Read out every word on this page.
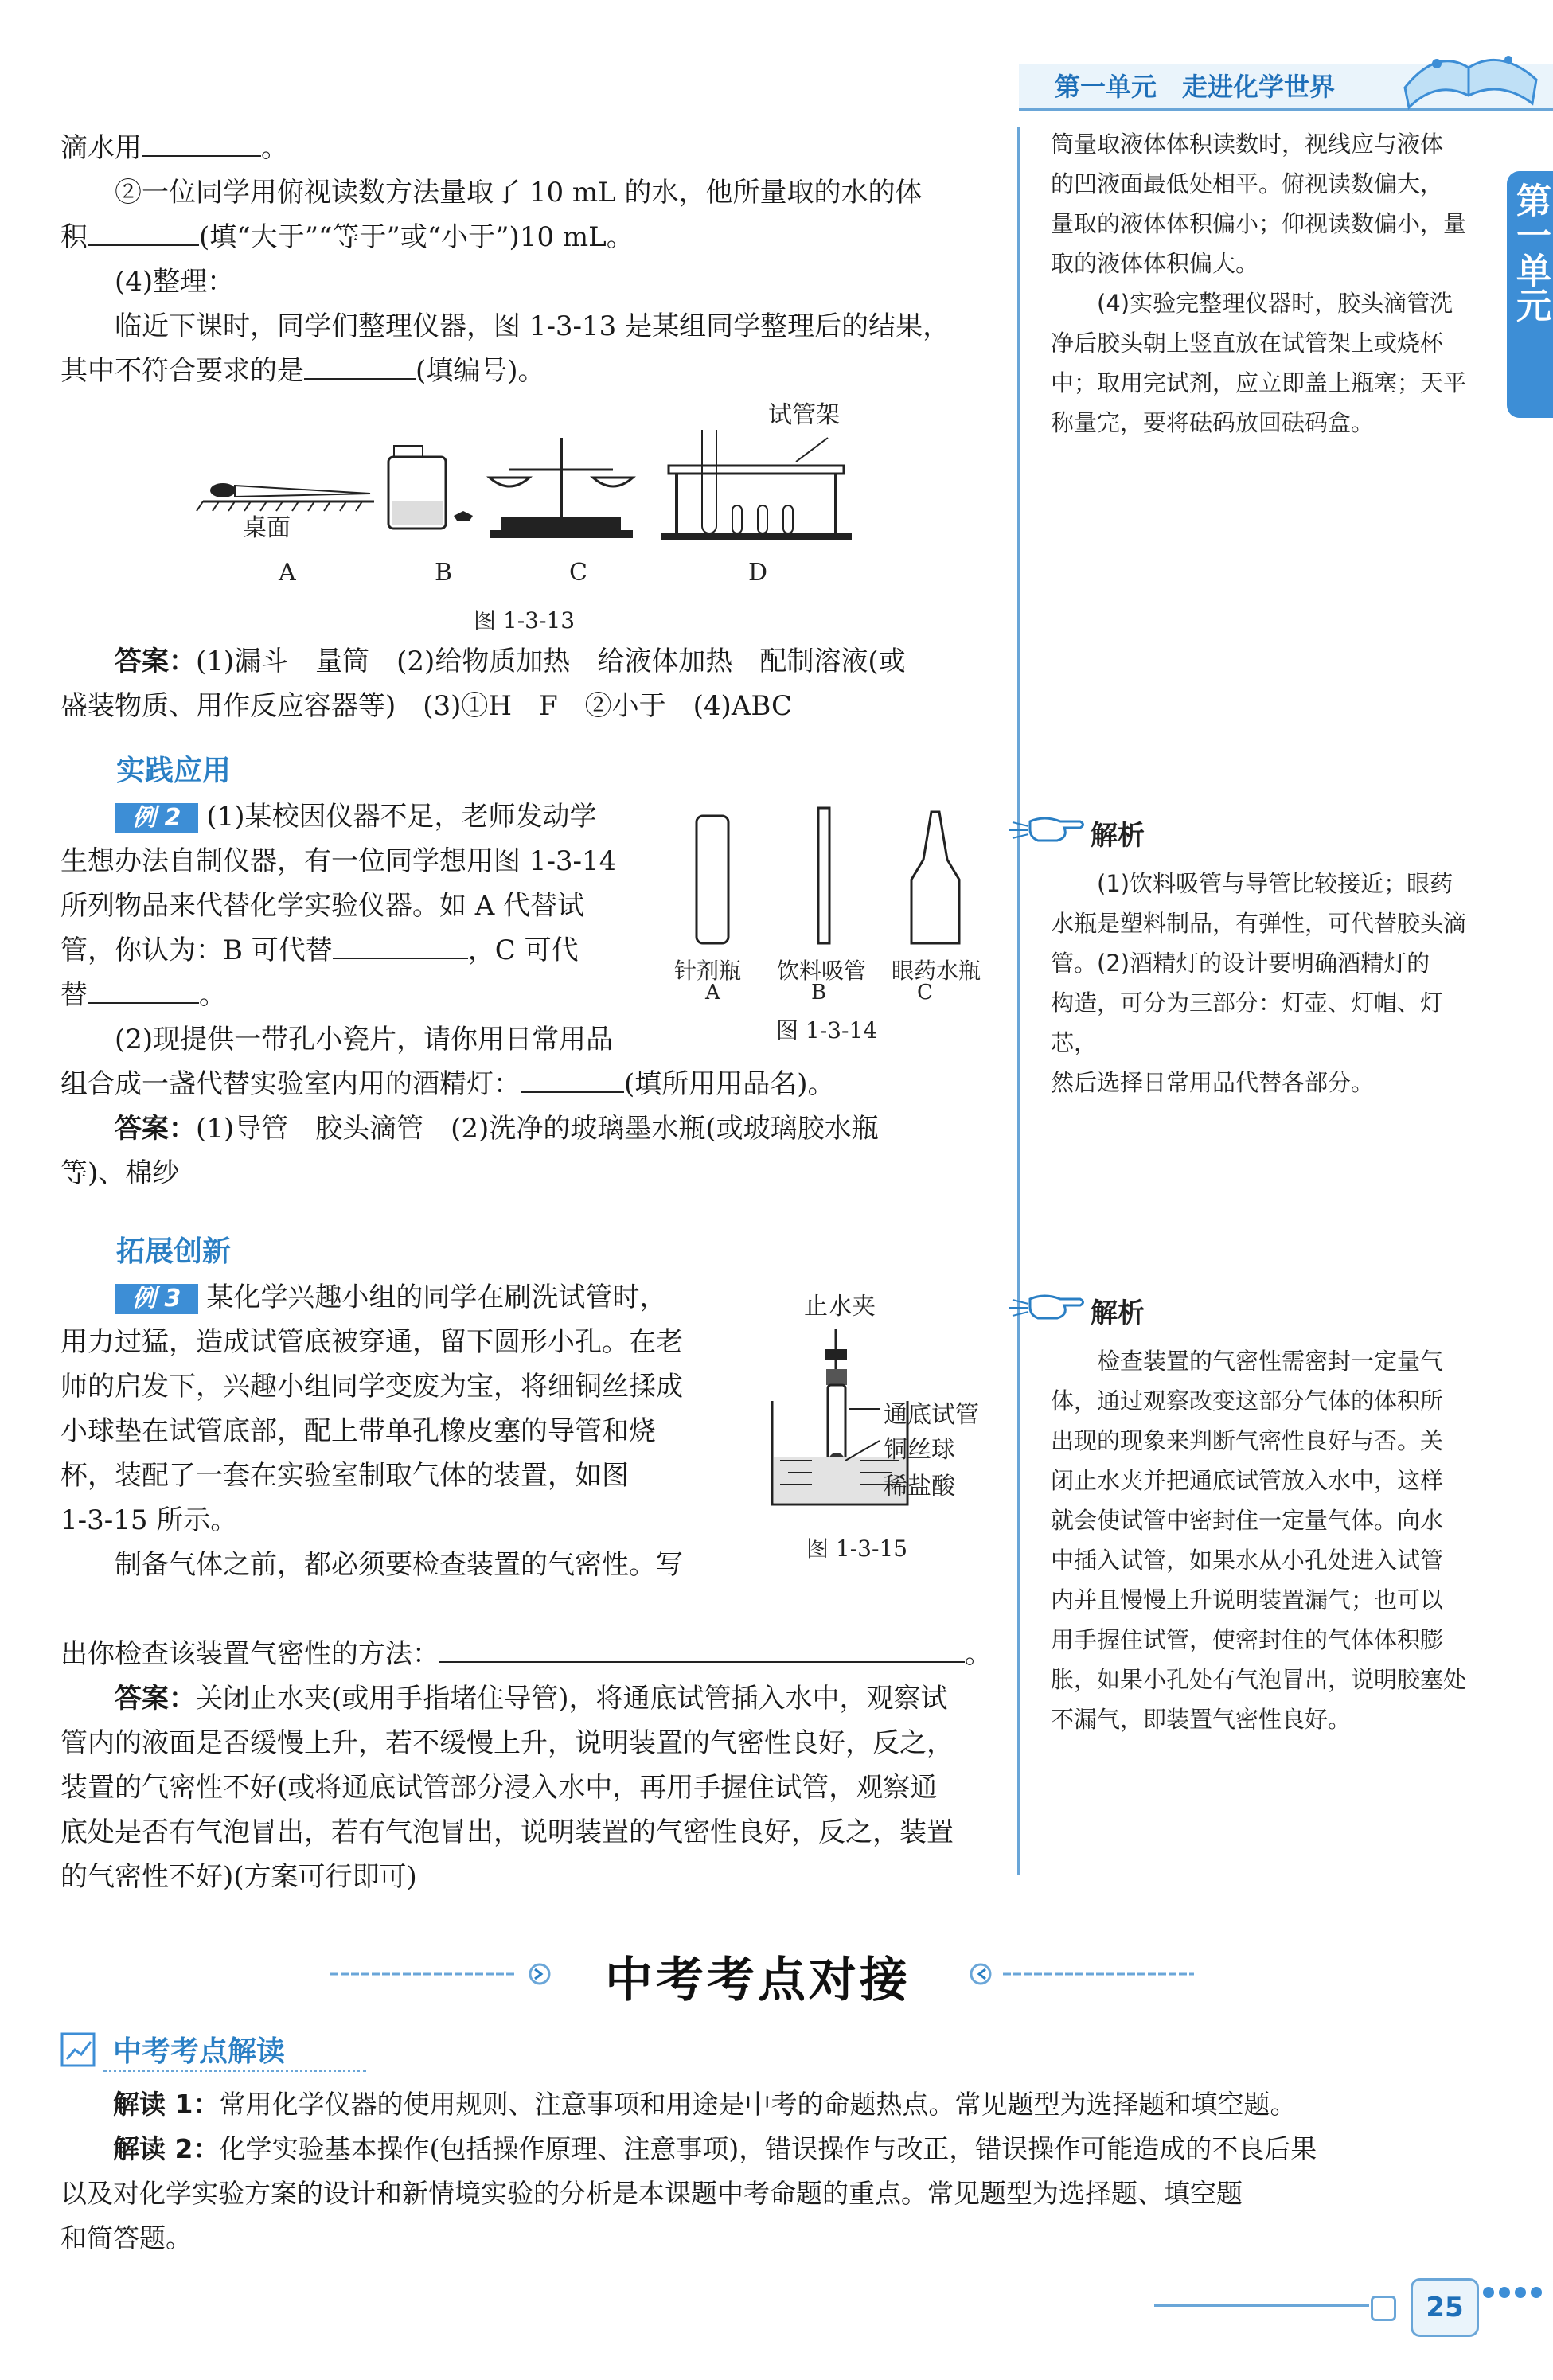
第一单元　走进化学世界
第一单元

滴水用	。

②一位同学用俯视读数方法量取了 10 mL 的水，他所量取的水的体

积	(填“大于”“等于”或“小于”)10 mL。

(4)整理：

临近下课时，同学们整理仪器，图 1-3-13 是某组同学整理后的结果，

其中不符合要求的是	(填编号)。

桌面
试管架
A	B	C	D
图 1-3-13

答案：(1)漏斗　量筒　(2)给物质加热　给液体加热　配制溶液(或

盛装物质、用作反应容器等)　(3)①H　F　②小于　(4)ABC

实践应用

例 2 (1)某校因仪器不足，老师发动学

生想办法自制仪器，有一位同学想用图 1-3-14

所列物品来代替化学实验仪器。如 A 代替试

管，你认为：B 可代替	，C 可代

替	。

(2)现提供一带孔小瓷片，请你用日常用品

组合成一盏代替实验室内用的酒精灯：	(填所用用品名)。

答案：(1)导管　胶头滴管　(2)洗净的玻璃墨水瓶(或玻璃胶水瓶

等)、棉纱

针剂瓶
A
饮料吸管
B
眼药水瓶
C
图 1-3-14
拓展创新

例 3 某化学兴趣小组的同学在刷洗试管时，

用力过猛，造成试管底被穿通，留下圆形小孔。在老

师的启发下，兴趣小组同学变废为宝，将细铜丝揉成

小球垫在试管底部，配上带单孔橡皮塞的导管和烧

杯，装配了一套在实验室制取气体的装置，如图

1-3-15 所示。

制备气体之前，都必须要检查装置的气密性。写

出你检查该装置气密性的方法：	。

答案：关闭止水夹(或用手指堵住导管)，将通底试管插入水中，观察试

管内的液面是否缓慢上升，若不缓慢上升，说明装置的气密性良好，反之，

装置的气密性不好(或将通底试管部分浸入水中，再用手握住试管，观察通

底处是否有气泡冒出，若有气泡冒出，说明装置的气密性良好，反之，装置

的气密性不好)(方案可行即可)

止水夹
通底试管
铜丝球
稀盐酸
图 1-3-15

筒量取液体体积读数时，视线应与液体

的凹液面最低处相平。俯视读数偏大，

量取的液体体积偏小；仰视读数偏小，量

取的液体体积偏大。

(4)实验完整理仪器时，胶头滴管洗

净后胶头朝上竖直放在试管架上或烧杯

中；取用完试剂，应立即盖上瓶塞；天平

称量完，要将砝码放回砝码盒。

解析

(1)饮料吸管与导管比较接近；眼药

水瓶是塑料制品，有弹性，可代替胶头滴

管。(2)酒精灯的设计要明确酒精灯的

构造，可分为三部分：灯壶、灯帽、灯芯，

然后选择日常用品代替各部分。

解析

检查装置的气密性需密封一定量气

体，通过观察改变这部分气体的体积所

出现的现象来判断气密性良好与否。关

闭止水夹并把通底试管放入水中，这样

就会使试管中密封住一定量气体。向水

中插入试管，如果水从小孔处进入试管

内并且慢慢上升说明装置漏气；也可以

用手握住试管，使密封住的气体体积膨

胀，如果小孔处有气泡冒出，说明胶塞处

不漏气，即装置气密性良好。

中考考点对接
中考考点解读

解读 1：常用化学仪器的使用规则、注意事项和用途是中考的命题热点。常见题型为选择题和填空题。

解读 2：化学实验基本操作(包括操作原理、注意事项)，错误操作与改正，错误操作可能造成的不良后果

以及对化学实验方案的设计和新情境实验的分析是本课题中考命题的重点。常见题型为选择题、填空题

和简答题。

25
